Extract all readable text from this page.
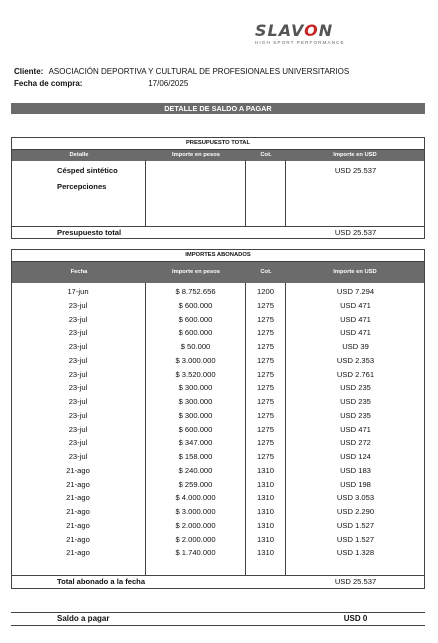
SLAVON
HIGH SPORT PERFORMANCE
Cliente: ASOCIACIÓN DEPORTIVA Y CULTURAL DE PROFESIONALES UNIVERSITARIOS
Fecha de compra:	17/06/2025
DETALLE DE SALDO A PAGAR
PRESUPUESTO TOTAL
Detalle	Importe en pesos	Cot.	Importe en USD
Césped sintético	USD 25.537
Percepciones
Presupuesto total	USD 25.537
IMPORTES ABONADOS
Fecha	Importe en pesos	Cot.	Importe en USD
17-jun	$ 8.752.656	1200	USD 7.294
23-jul	$ 600.000	1275	USD 471
23-jul	$ 600.000	1275	USD 471
23-jul	$ 600.000	1275	USD 471
23-jul	$ 50.000	1275	USD 39
23-jul	$ 3.000.000	1275	USD 2.353
23-jul	$ 3.520.000	1275	USD 2.761
23-jul	$ 300.000	1275	USD 235
23-jul	$ 300.000	1275	USD 235
23-jul	$ 300.000	1275	USD 235
23-jul	$ 600.000	1275	USD 471
23-jul	$ 347.000	1275	USD 272
23-jul	$ 158.000	1275	USD 124
21-ago	$ 240.000	1310	USD 183
21-ago	$ 259.000	1310	USD 198
21-ago	$ 4.000.000	1310	USD 3.053
21-ago	$ 3.000.000	1310	USD 2.290
21-ago	$ 2.000.000	1310	USD 1.527
21-ago	$ 2.000.000	1310	USD 1.527
21-ago	$ 1.740.000	1310	USD 1.328
Total abonado a la fecha	USD 25.537
Saldo a pagar	USD 0
